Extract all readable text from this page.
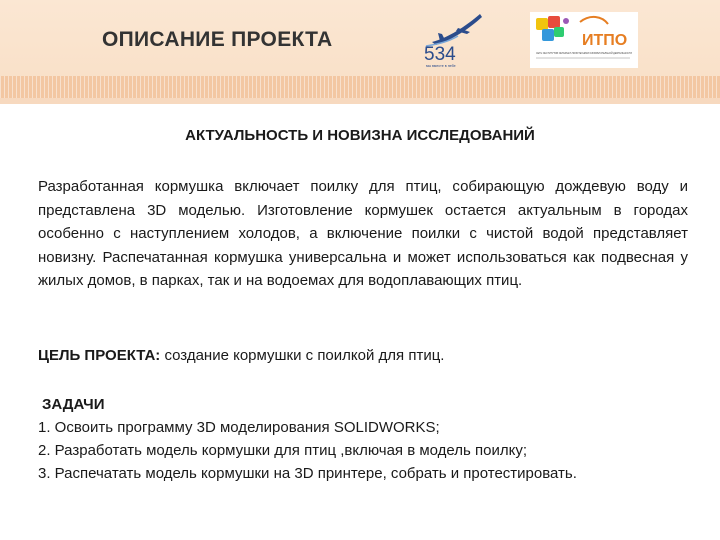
ОПИСАНИЕ ПРОЕКТА
534
мы вместе в небе
ИТПО
СЕТЬ ИНСТИТУТОВ ИНТЕРНЕТ-ПОЛИТЕХНИКИ ИЗОБРЕТАТЕЛЬНОЙ ДЕЯТЕЛЬНОСТИ
АКТУАЛЬНОСТЬ И НОВИЗНА ИССЛЕДОВАНИЙ
Разработанная кормушка включает поилку для птиц, собирающую дождевую воду и представлена 3D моделью. Изготовление кормушек остается актуальным в городах особенно с наступлением холодов, а включение поилки с чистой водой представляет новизну. Распечатанная кормушка универсальна и может использоваться как подвесная у жилых домов, в парках, так и на водоемах для водоплавающих птиц.
ЦЕЛЬ ПРОЕКТА: создание кормушки с поилкой для птиц.
ЗАДАЧИ
1. Освоить программу 3D моделирования SOLIDWORKS;
2. Разработать модель кормушки для птиц ,включая в модель поилку;
3. Распечатать модель кормушки на 3D принтере, собрать и протестировать.
